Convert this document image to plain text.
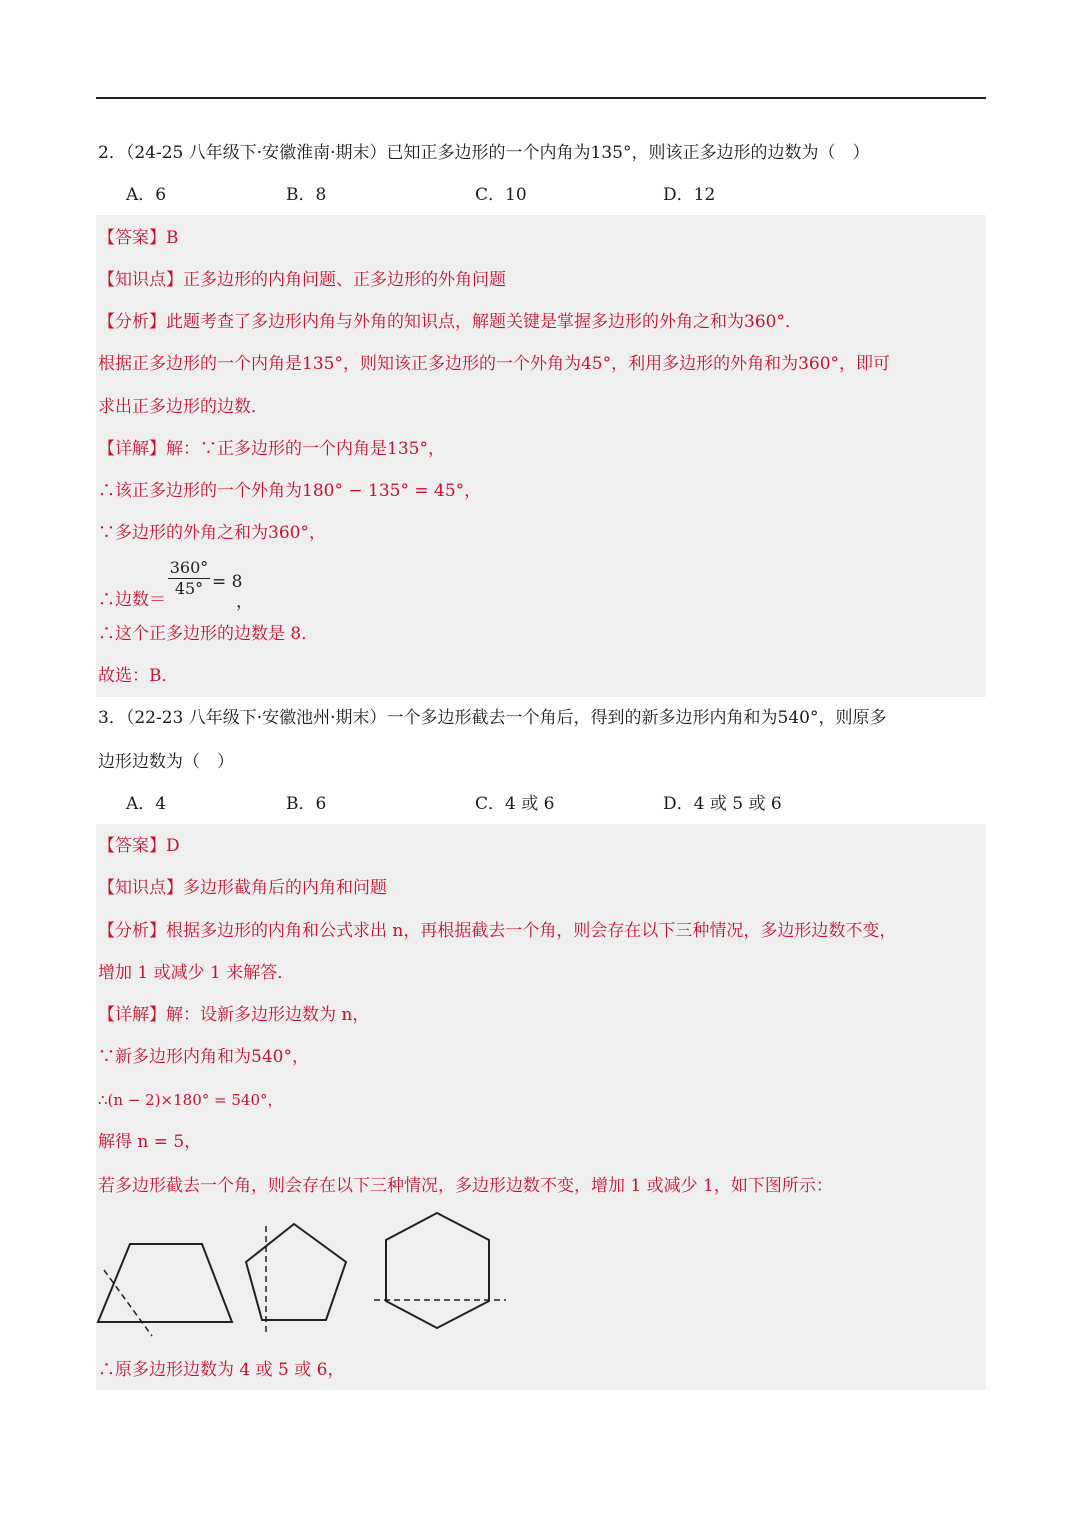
2．（24-25 八年级下·安徽淮南·期末）已知正多边形的一个内角为135°，则该正多边形的边数为（　）
A．6	B．8	C．10	D．12
【答案】B
【知识点】正多边形的内角问题、正多边形的外角问题
【分析】此题考查了多边形内角与外角的知识点，解题关键是掌握多边形的外角之和为360°．
根据正多边形的一个内角是135°，则知该正多边形的一个外角为45°，利用多边形的外角和为360°，即可
求出正多边形的边数．
【详解】解：∵正多边形的一个内角是135°，
∴该正多边形的一个外角为180° − 135° = 45°，
∵多边形的外角之和为360°，
∴边数＝
$\frac{360^\circ}{45^\circ} = 8$
，
∴这个正多边形的边数是 8．
故选：B．
3．（22-23 八年级下·安徽池州·期末）一个多边形截去一个角后，得到的新多边形内角和为540°，则原多
边形边数为（　）
A．4	B．6	C．4 或 6	D．4 或 5 或 6
【答案】D
【知识点】多边形截角后的内角和问题
【分析】根据多边形的内角和公式求出 n，再根据截去一个角，则会存在以下三种情况，多边形边数不变，
增加 1 或减少 1 来解答．
【详解】解：设新多边形边数为 n，
∵新多边形内角和为540°，
∴(n − 2)×180° = 540°，
解得 n = 5，
若多边形截去一个角，则会存在以下三种情况，多边形边数不变，增加 1 或减少 1，如下图所示：
∴原多边形边数为 4 或 5 或 6，
